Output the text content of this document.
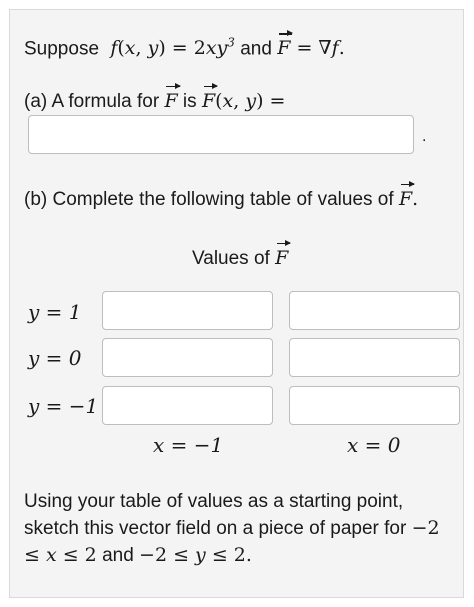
Suppose  f(x, $y) = 2xy^3$ and F = ∇f.
(a) A formula for F is F(x, y) =
.
(b) Complete the following table of values of F.
Values of F
y = 1
y = 0
y = −1
x = −1	x = 0
Using your table of values as a starting point, sketch this vector field on a piece of paper for −2 ≤ x ≤ 2 and −2 ≤ y ≤ 2.
